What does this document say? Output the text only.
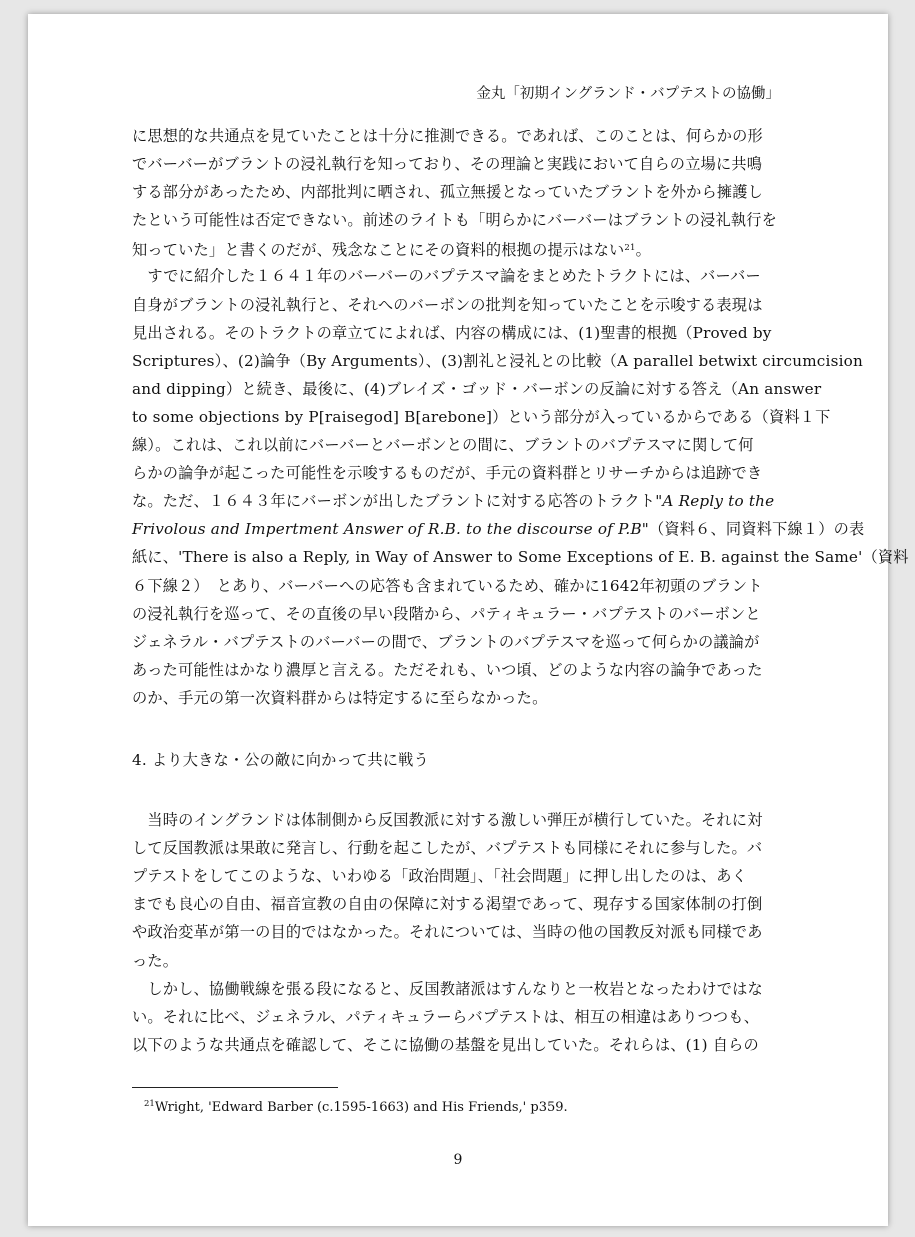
金丸「初期イングランド・バプテストの協働」
に思想的な共通点を見ていたことは十分に推測できる。であれば、このことは、何らかの形
でバーバーがブラントの浸礼執行を知っており、その理論と実践において自らの立場に共鳴
する部分があったため、内部批判に晒され、孤立無援となっていたブラントを外から擁護し
たという可能性は否定できない。前述のライトも「明らかにバーバーはブラントの浸礼執行を
知っていた」と書くのだが、残念なことにその資料的根拠の提示はない$^{21}$。
　すでに紹介した１６４１年のバーバーのバプテスマ論をまとめたトラクトには、バーバー
自身がブラントの浸礼執行と、それへのバーボンの批判を知っていたことを示唆する表現は
見出される。そのトラクトの章立てによれば、内容の構成には、(1)聖書的根拠（Proved by
Scriptures）、(2)論争（By Arguments）、(3)割礼と浸礼との比較（A parallel betwixt circumcision
and dipping）と続き、最後に、(4)ブレイズ・ゴッド・バーボンの反論に対する答え（An answer
to some objections by P[raisegod] B[arebone]）という部分が入っているからである（資料１下
線）。これは、これ以前にバーバーとバーボンとの間に、ブラントのバプテスマに関して何
らかの論争が起こった可能性を示唆するものだが、手元の資料群とリサーチからは追跡でき
な。ただ、１６４３年にバーボンが出したブラントに対する応答のトラクト"A Reply to the
Frivolous and Impertment Answer of R.B. to the discourse of P.B"（資料６、同資料下線１）の表
紙に、'There is also a Reply, in Way of Answer to Some Exceptions of E. B. against the Same'（資料
６下線２）　とあり、バーバーへの応答も含まれているため、確かに1642年初頭のブラント
の浸礼執行を巡って、その直後の早い段階から、パティキュラー・バプテストのバーボンと
ジェネラル・バプテストのバーバーの間で、ブラントのバプテスマを巡って何らかの議論が
あった可能性はかなり濃厚と言える。ただそれも、いつ頃、どのような内容の論争であった
のか、手元の第一次資料群からは特定するに至らなかった。
4. より大きな・公の敵に向かって共に戦う
　当時のイングランドは体制側から反国教派に対する激しい弾圧が横行していた。それに対
して反国教派は果敢に発言し、行動を起こしたが、バプテストも同様にそれに参与した。バ
プテストをしてこのような、いわゆる「政治問題」、「社会問題」に押し出したのは、あく
までも良心の自由、福音宣教の自由の保障に対する渇望であって、現存する国家体制の打倒
や政治変革が第一の目的ではなかった。それについては、当時の他の国教反対派も同様であ
った。
　しかし、協働戦線を張る段になると、反国教諸派はすんなりと一枚岩となったわけではな
い。それに比べ、ジェネラル、パティキュラーらバプテストは、相互の相違はありつつも、
以下のような共通点を確認して、そこに協働の基盤を見出していた。それらは、(1) 自らの
$^{21}$Wright, 'Edward Barber (c.1595-1663) and His Friends,' p359.
9
